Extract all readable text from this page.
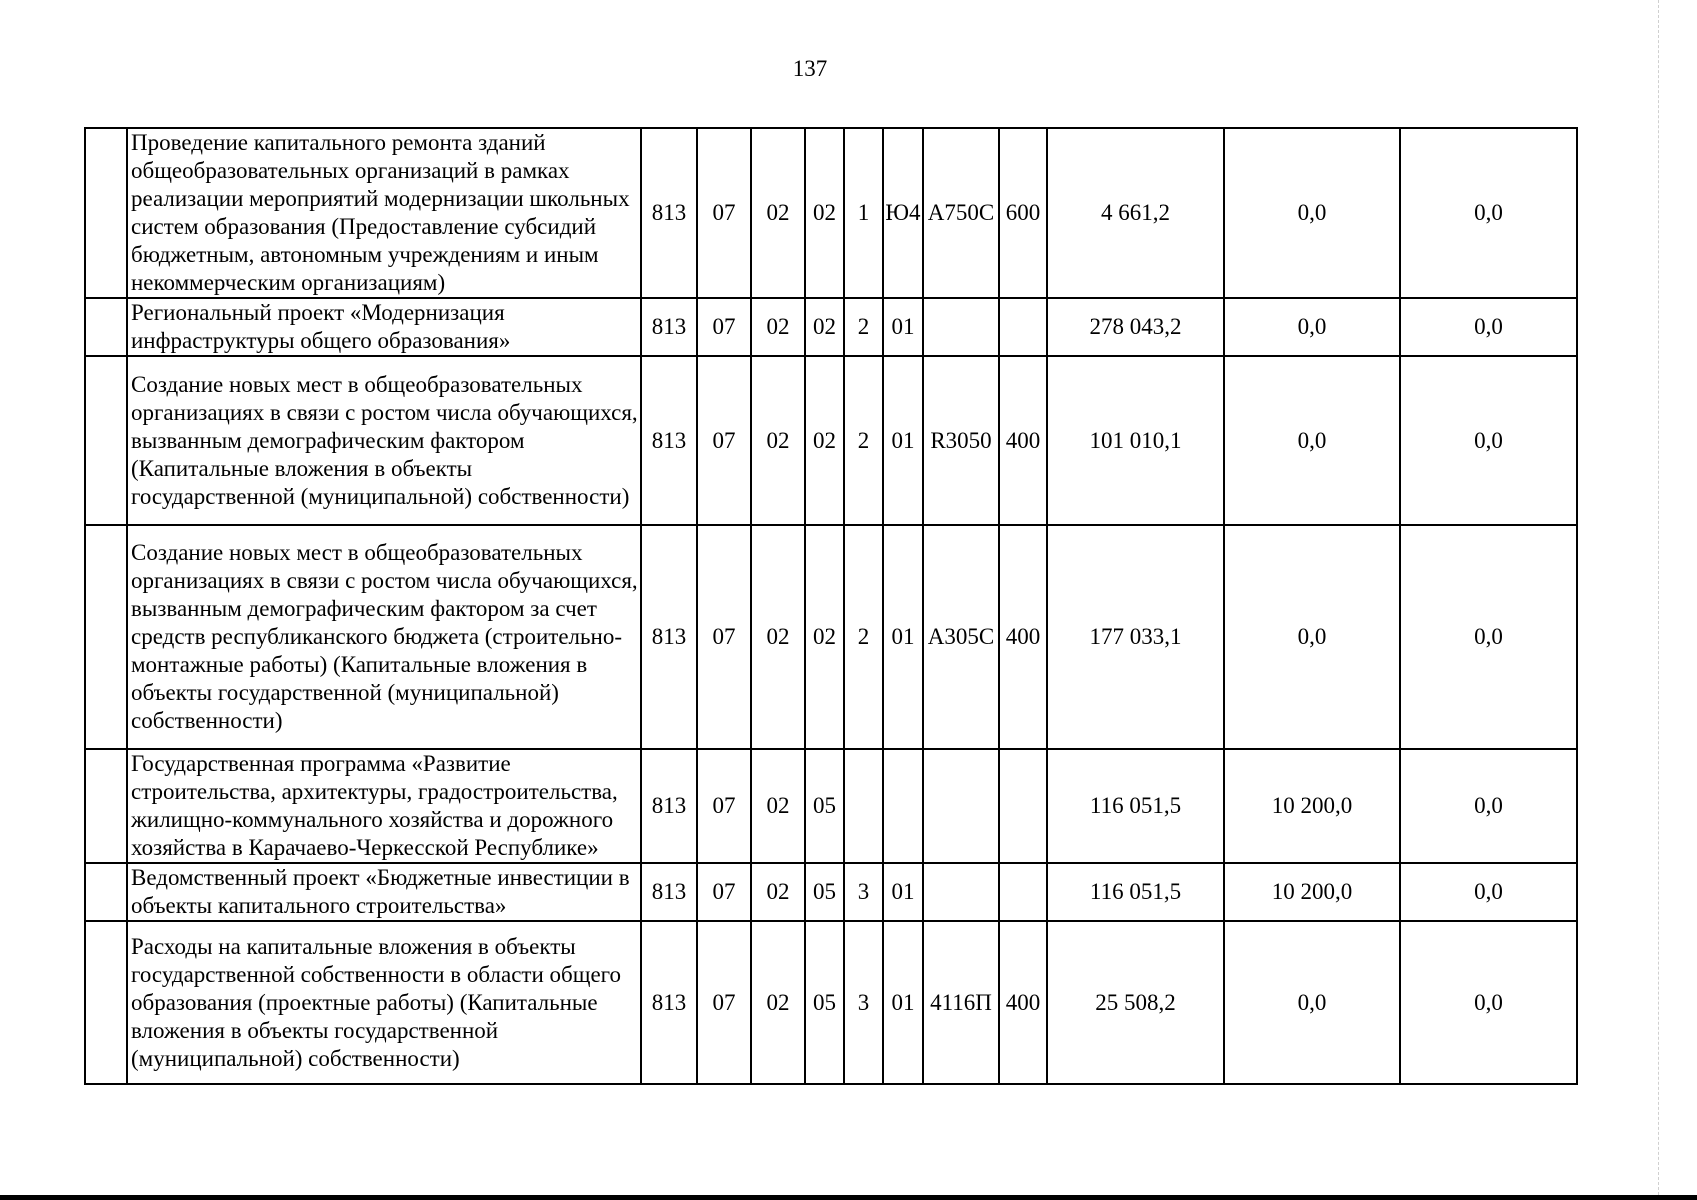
137
	Проведение капитального ремонта зданий общеобразовательных организаций в рамках реализации мероприятий модернизации школьных систем образования (Предоставление субсидий бюджетным, автономным учреждениям и иным некоммерческим организациям)	813	07	02	02	1	Ю4	A750C	600	4 661,2	0,0	0,0
	Региональный проект «Модернизация инфраструктуры общего образования»	813	07	02	02	2	01			278 043,2	0,0	0,0
	Создание новых мест в общеобразовательных организациях в связи с ростом числа обучающихся, вызванным демографическим фактором (Капитальные вложения в объекты государственной (муниципальной) собственности)	813	07	02	02	2	01	R3050	400	101 010,1	0,0	0,0
	Создание новых мест в общеобразовательных организациях в связи с ростом числа обучающихся, вызванным демографическим фактором за счет средств республиканского бюджета (строительно-монтажные работы) (Капитальные вложения в объекты государственной (муниципальной) собственности)	813	07	02	02	2	01	A305C	400	177 033,1	0,0	0,0
	Государственная программа «Развитие строительства, архитектуры, градостроительства, жилищно-коммунального хозяйства и дорожного хозяйства в Карачаево-Черкесской Республике»	813	07	02	05					116 051,5	10 200,0	0,0
	Ведомственный проект «Бюджетные инвестиции в объекты капитального строительства»	813	07	02	05	3	01			116 051,5	10 200,0	0,0
	Расходы на капитальные вложения в объекты государственной собственности в области общего образования (проектные работы) (Капитальные вложения в объекты государственной (муниципальной) собственности)	813	07	02	05	3	01	4116П	400	25 508,2	0,0	0,0
